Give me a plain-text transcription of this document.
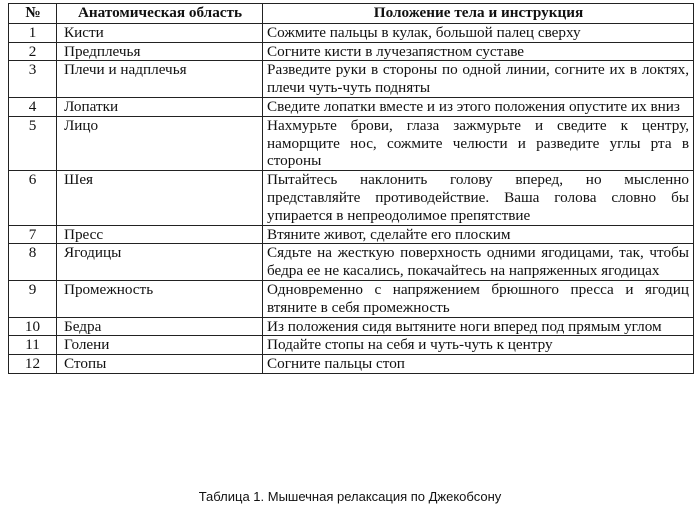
№	Анатомическая область	Положение тела и инструкция
1	Кисти	Сожмите пальцы в кулак, большой палец сверху
2	Предплечья	Согните кисти в лучезапястном суставе
3	Плечи и надплечья	Разведите руки в стороны по одной линии, согните их в локтях, плечи чуть-чуть подняты
4	Лопатки	Сведите лопатки вместе и из этого положения опустите их вниз
5	Лицо	Нахмурьте брови, глаза зажмурьте и сведите к центру, наморщите нос, сожмите челюсти и разведите углы рта в стороны
6	Шея	Пытайтесь наклонить голову вперед, но мысленно представляйте противодействие. Ваша голова словно бы упирается в непреодолимое препятствие
7	Пресс	Втяните живот, сделайте его плоским
8	Ягодицы	Сядьте на жесткую поверхность одними ягодицами, так, чтобы бедра ее не касались, покачайтесь на напряженных ягодицах
9	Промежность	Одновременно с напряжением брюшного пресса и ягодиц втяните в себя промежность
10	Бедра	Из положения сидя вытяните ноги вперед под прямым углом
11	Голени	Подайте стопы на себя и чуть-чуть к центру
12	Стопы	Согните пальцы стоп
Таблица 1. Мышечная релаксация по Джекобсону
